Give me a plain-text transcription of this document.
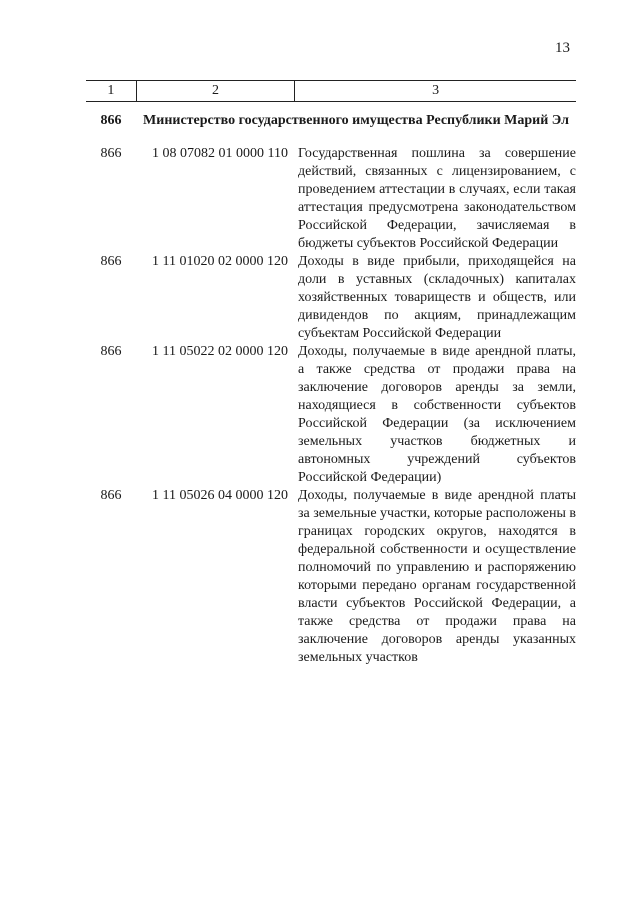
13
1	2	3
866	Министерство государственного имущества Республики Марий Эл
866	1 08 07082 01 0000 110 Государственная пошлина за совершение действий, связанных с лицензированием, с проведением аттестации в случаях, если такая аттестация предусмотрена законодательством Российской Федерации, зачисляемая в бюджеты субъектов Российской Федерации
866	1 11 01020 02 0000 120 Доходы в виде прибыли, приходящейся на доли в уставных (складочных) капиталах хозяйственных товариществ и обществ, или дивидендов по акциям, принадлежащим субъектам Российской Федерации
866	1 11 05022 02 0000 120 Доходы, получаемые в виде арендной платы, а также средства от продажи права на заключение договоров аренды за земли, находящиеся в собственности субъектов Российской Федерации (за исключением земельных участков бюджетных и автономных учреждений субъектов Российской Федерации)
866	1 11 05026 04 0000 120 Доходы, получаемые в виде арендной платы за земельные участки, которые расположены в границах городских округов, находятся в федеральной собственности и осуществление полномочий по управлению и распоряжению которыми передано органам государственной власти субъектов Российской Федерации, а также средства от продажи права на заключение договоров аренды указанных земельных участков
